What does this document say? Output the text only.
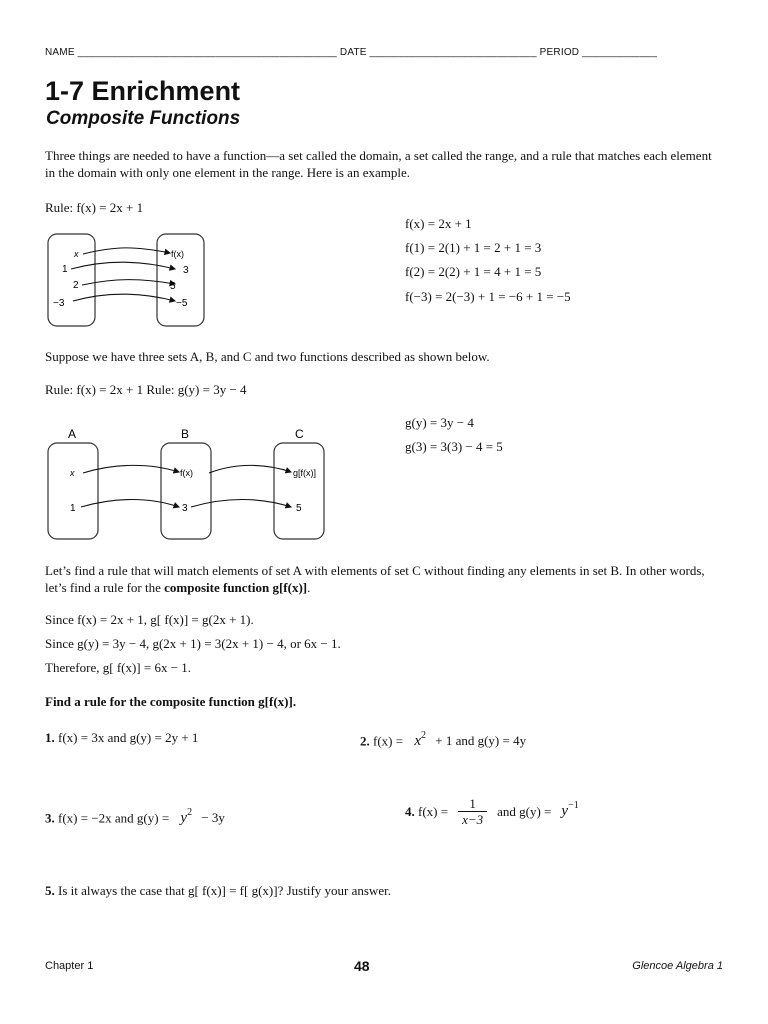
NAME _____________________________________________ DATE _____________________________ PERIOD _____________
1-7 Enrichment
Composite Functions
Three things are needed to have a function—a set called the domain, a set called the range, and a rule that matches each element in the domain with only one element in the range. Here is an example.
Rule: f(x) = 2x + 1
x
1
2
−3
f(x)
3
5
−5
f(x) = 2x + 1
f(1) = 2(1) + 1 = 2 + 1 = 3
f(2) = 2(2) + 1 = 4 + 1 = 5
f(−3) = 2(−3) + 1 = −6 + 1 = −5
Suppose we have three sets A, B, and C and two functions described as shown below.
Rule: f(x) = 2x + 1 Rule: g(y) = 3y − 4
A	B	C
x
1
f(x)
3
g[f(x)]
5
g(y) = 3y − 4
g(3) = 3(3) − 4 = 5
Let’s find a rule that will match elements of set A with elements of set C without finding any elements in set B. In other words, let’s find a rule for the composite function g[f(x)].
Since f(x) = 2x + 1, g[ f(x)] = g(2x + 1).
Since g(y) = 3y − 4, g(2x + 1) = 3(2x + 1) − 4, or 6x − 1.
Therefore, g[ f(x)] = 6x − 1.
Find a rule for the composite function g[f(x)].
1. f(x) = 3x and g(y) = 2y + 1	2. $f(x) = x^2 + 1$ and g(y) = 4y
3. f(x) = −2x and $g(y) = y^2 - 3y$	4.
$f(x) = \frac{1}{x-3}$ and $g(y) = y^{-1}$
5. Is it always the case that g[ f(x)] = f[ g(x)]? Justify your answer.
Chapter 1	48	Glencoe Algebra 1
